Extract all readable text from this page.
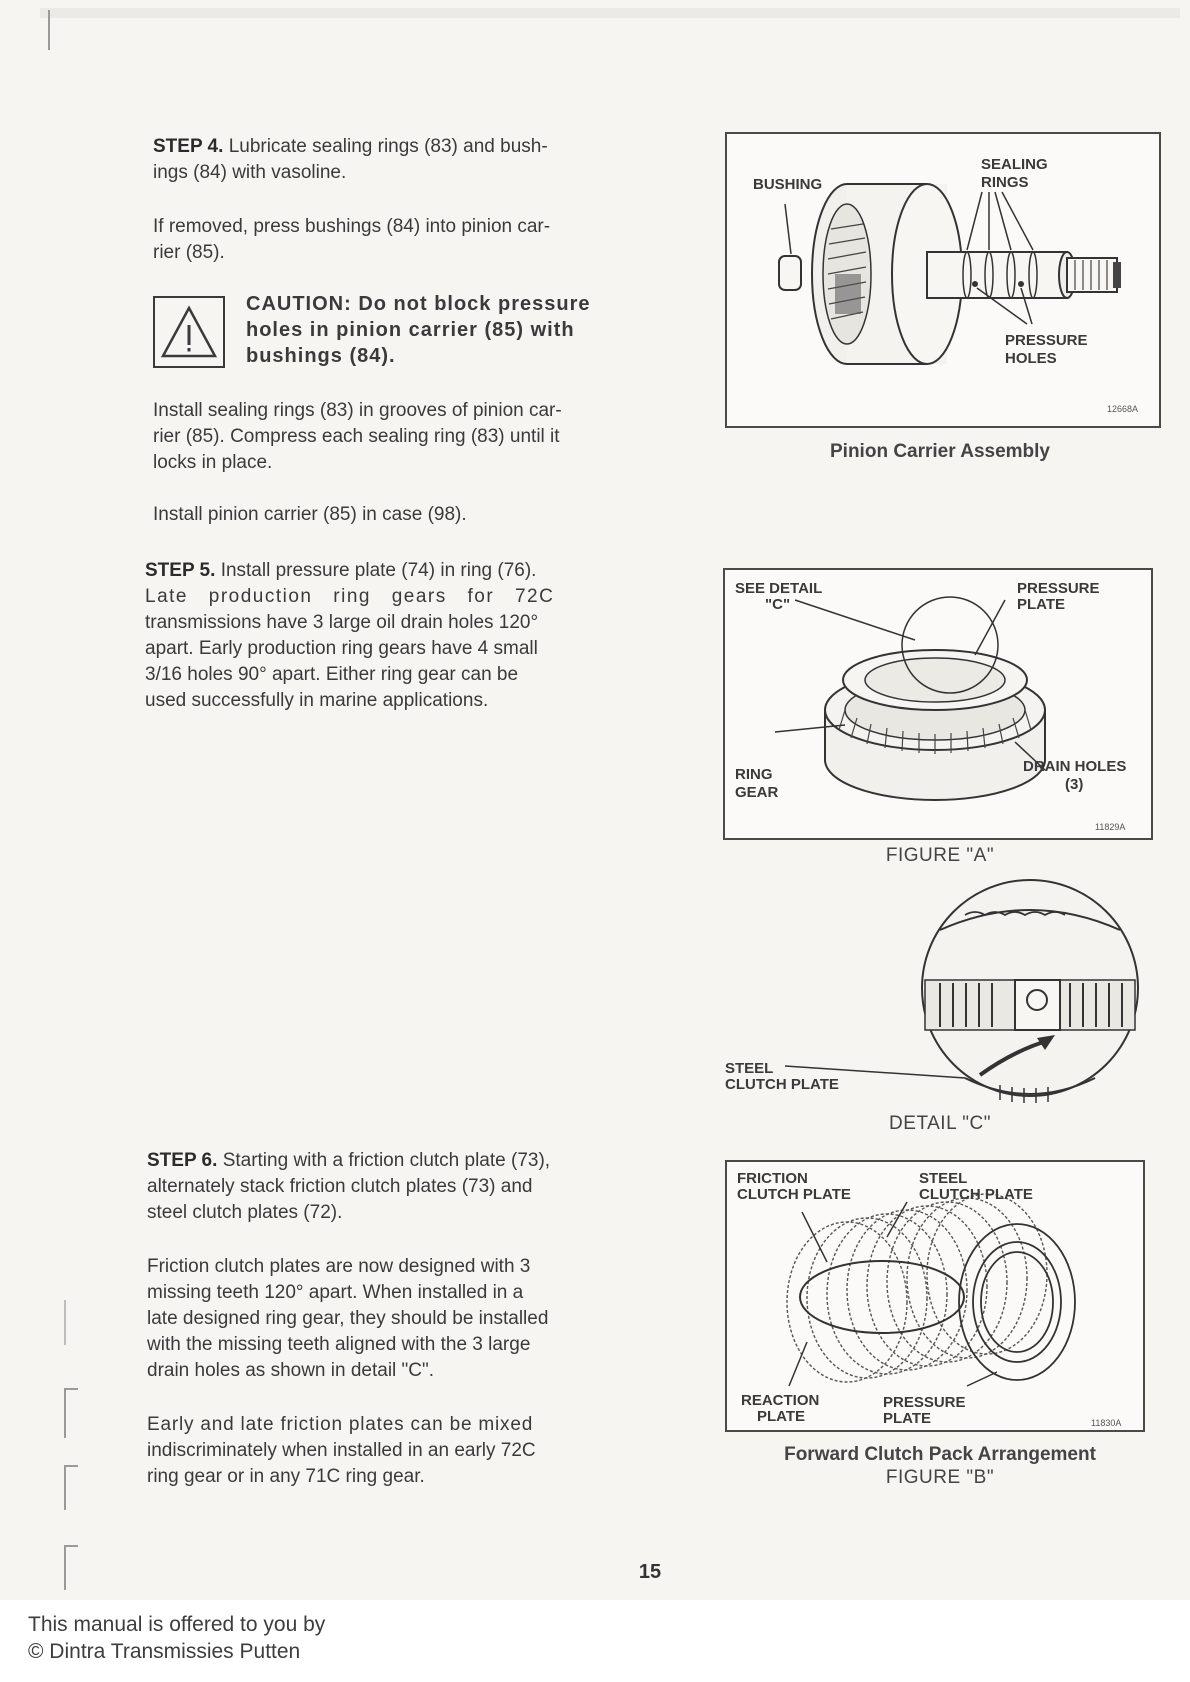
STEP 4. Lubricate sealing rings (83) and bush-
ings (84) with vasoline.
If removed, press bushings (84) into pinion car-
rier (85).
CAUTION: Do not block pressure
holes in pinion carrier (85) with
bushings (84).
Install sealing rings (83) in grooves of pinion car-
rier (85). Compress each sealing ring (83) until it
locks in place.
Install pinion carrier (85) in case (98).
STEP 5. Install pressure plate (74) in ring (76).
Late production ring gears for 72C
transmissions have 3 large oil drain holes 120°
apart. Early production ring gears have 4 small
3/16 holes 90° apart. Either ring gear can be
used successfully in marine applications.
STEP 6. Starting with a friction clutch plate (73),
alternately stack friction clutch plates (73) and
steel clutch plates (72).
Friction clutch plates are now designed with 3
missing teeth 120° apart. When installed in a
late designed ring gear, they should be installed
with the missing teeth aligned with the 3 large
drain holes as shown in detail "C".
Early and late friction plates can be mixed
indiscriminately when installed in an early 72C
ring gear or in any 71C ring gear.
BUSHING
SEALING
RINGS
PRESSURE
HOLES
12668A
Pinion Carrier Assembly
SEE DETAIL
"C"
PRESSURE
PLATE
RING
GEAR
DRAIN HOLES
(3)
11829A
FIGURE "A"
STEEL
CLUTCH PLATE
DETAIL "C"
FRICTION
CLUTCH PLATE
STEEL
CLUTCH PLATE
REACTION
PLATE
PRESSURE
PLATE	11830A
Forward Clutch Pack Arrangement
FIGURE "B"
15
This manual is offered to you by
© Dintra Transmissies Putten
